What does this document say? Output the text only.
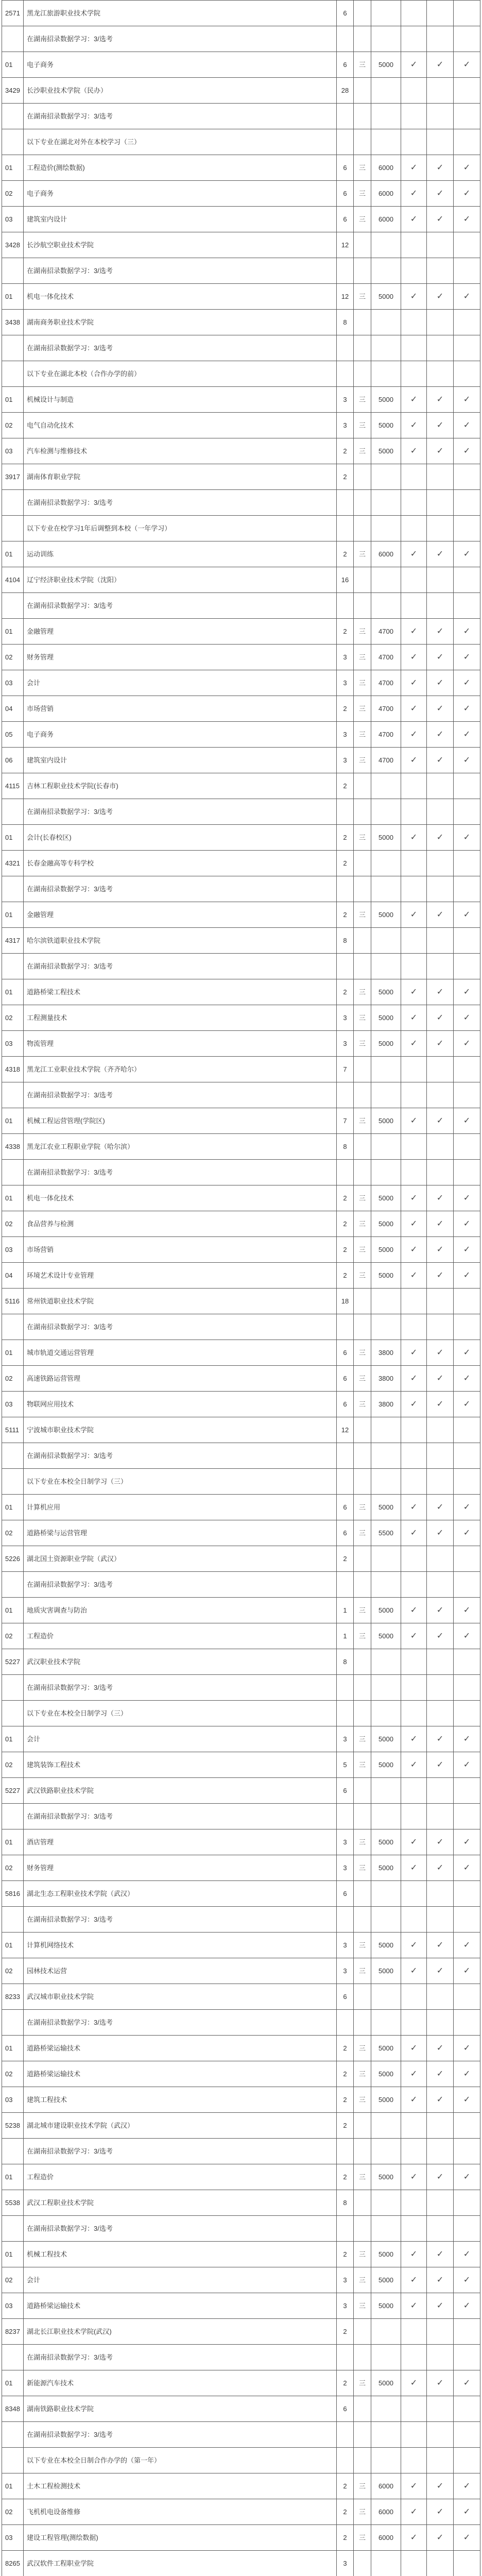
2571	黑龙江旅游职业技术学院	6						
	在湖南招录数据学习：3/选考							
01	电子商务	6	三	5000	✓	✓	✓	
3429	长沙职业技术学院（民办）	28						
	在湖南招录数据学习：3/选考							
	以下专业在湖北对外在本校学习（三）							
01	工程造价(测绘数据)	6	三	6000	✓	✓	✓	
02	电子商务	6	三	6000	✓	✓	✓	
03	建筑室内设计	6	三	6000	✓	✓	✓	
3428	长沙航空职业技术学院	12						
	在湖南招录数据学习：3/选考							
01	机电一体化技术	12	三	5000	✓	✓	✓	
3438	湖南商务职业技术学院	8						
	在湖南招录数据学习：3/选考							
	以下专业在湖北本校（合作办学的前）							
01	机械设计与制造	3	三	5000	✓	✓	✓	
02	电气自动化技术	3	三	5000	✓	✓	✓	
03	汽车检测与维修技术	2	三	5000	✓	✓	✓	
3917	湖南体育职业学院	2						
	在湖南招录数据学习：3/选考							
	以下专业在校学习1年后调整到本校（一年学习）							
01	运动训练	2	三	6000	✓	✓	✓	
4104	辽宁经济职业技术学院（沈阳）	16						
	在湖南招录数据学习：3/选考							
01	金融管理	2	三	4700	✓	✓	✓	
02	财务管理	3	三	4700	✓	✓	✓	
03	会计	3	三	4700	✓	✓	✓	
04	市场营销	2	三	4700	✓	✓	✓	
05	电子商务	3	三	4700	✓	✓	✓	
06	建筑室内设计	3	三	4700	✓	✓	✓	
4115	吉林工程职业技术学院(长春市)	2						
	在湖南招录数据学习：3/选考							
01	会计(长春校区)	2	三	5000	✓	✓	✓	
4321	长春金融高等专科学校	2						
	在湖南招录数据学习：3/选考							
01	金融管理	2	三	5000	✓	✓	✓	
4317	哈尔滨铁道职业技术学院	8						
	在湖南招录数据学习：3/选考							
01	道路桥梁工程技术	2	三	5000	✓	✓	✓	
02	工程测量技术	3	三	5000	✓	✓	✓	
03	物流管理	3	三	5000	✓	✓	✓	
4318	黑龙江工业职业技术学院（齐齐哈尔）	7						
	在湖南招录数据学习：3/选考							
01	机械工程运营管理(学院区)	7	三	5000	✓	✓	✓	
4338	黑龙江农业工程职业学院（哈尔滨）	8						
	在湖南招录数据学习：3/选考							
01	机电一体化技术	2	三	5000	✓	✓	✓	
02	食品营养与检测	2	三	5000	✓	✓	✓	
03	市场营销	2	三	5000	✓	✓	✓	
04	环境艺术设计专业管理	2	三	5000	✓	✓	✓	
5116	常州铁道职业技术学院	18						
	在湖南招录数据学习：3/选考							
01	城市轨道交通运营管理	6	三	3800	✓	✓	✓	
02	高速铁路运营管理	6	三	3800	✓	✓	✓	
03	物联网应用技术	6	三	3800	✓	✓	✓	
5111	宁波城市职业技术学院	12						
	在湖南招录数据学习：3/选考							
	以下专业在本校全日制学习（三）							
01	计算机应用	6	三	5000	✓	✓	✓	
02	道路桥梁与运营管理	6	三	5500	✓	✓	✓	
5226	湖北国土资源职业学院（武汉）	2						
	在湖南招录数据学习：3/选考							
01	地质灾害调查与防治	1	三	5000	✓	✓	✓	
02	工程造价	1	三	5000	✓	✓	✓	
5227	武汉职业技术学院	8						
	在湖南招录数据学习：3/选考							
	以下专业在本校全日制学习（三）							
01	会计	3	三	5000	✓	✓	✓	
02	建筑装饰工程技术	5	三	5000	✓	✓	✓	
5227	武汉铁路职业技术学院	6						
	在湖南招录数据学习：3/选考							
01	酒店管理	3	三	5000	✓	✓	✓	
02	财务管理	3	三	5000	✓	✓	✓	
5816	湖北生态工程职业技术学院（武汉）	6						
	在湖南招录数据学习：3/选考							
01	计算机网络技术	3	三	5000	✓	✓	✓	
02	园林技术运营	3	三	5000	✓	✓	✓	
8233	武汉城市职业技术学院	6						
	在湖南招录数据学习：3/选考							
01	道路桥梁运输技术	2	三	5000	✓	✓	✓	
02	道路桥梁运输技术	2	三	5000	✓	✓	✓	
03	建筑工程技术	2	三	5000	✓	✓	✓	
5238	湖北城市建设职业技术学院（武汉）	2						
	在湖南招录数据学习：3/选考							
01	工程造价	2	三	5000	✓	✓	✓	
5538	武汉工程职业技术学院	8						
	在湖南招录数据学习：3/选考							
01	机械工程技术	2	三	5000	✓	✓	✓	
02	会计	3	三	5000	✓	✓	✓	
03	道路桥梁运输技术	3	三	5000	✓	✓	✓	
8237	湖北长江职业技术学院(武汉)	2						
	在湖南招录数据学习：3/选考							
01	新能源汽车技术	2	三	5000	✓	✓	✓	
8348	湖南铁路职业技术学院	6						
	在湖南招录数据学习：3/选考							
	以下专业在本校全日制合作办学的（第一年）							
01	土木工程检测技术	2	三	6000	✓	✓	✓	
02	飞机机电设备维修	2	三	6000	✓	✓	✓	
03	建设工程管理(测绘数据)	2	三	6000	✓	✓	✓	
8265	武汉软件工程职业学院	3						
